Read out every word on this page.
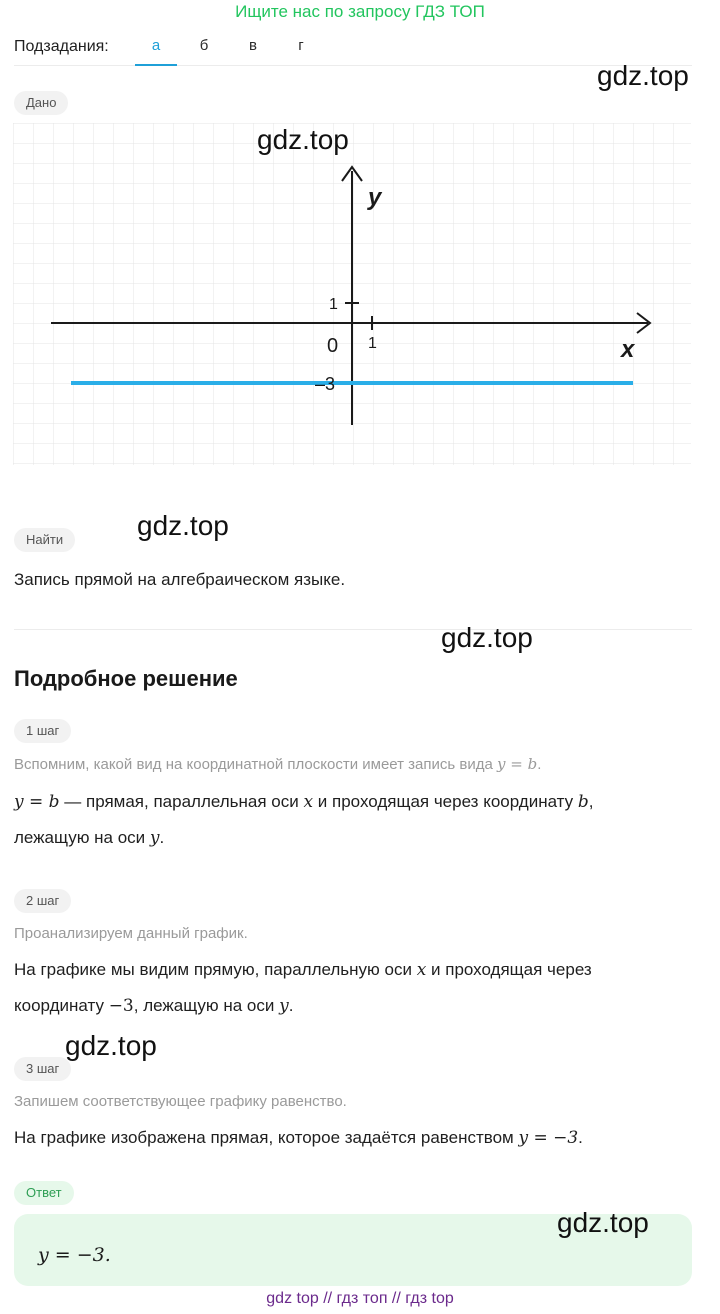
Ищите нас по запросу ГДЗ ТОП
Подзадания:	а	б	в	г
gdz.top
Дано
y
x
0 1
1
–3
gdz.top
Найти	gdz.top
Запись прямой на алгебраическом языке.
gdz.top
Подробное решение
1 шаг
Вспомним, какой вид на координатной плоскости имеет запись вида y = b.
y = b — прямая, параллельная оси x и проходящая через координату b,
лежащую на оси y.
2 шаг
Проанализируем данный график.
На графике мы видим прямую, параллельную оси x и проходящая через
координату −3, лежащую на оси y.
gdz.top
3 шаг
Запишем соответствующее графику равенство.
На графике изображена прямая, которое задаётся равенством y = −3.
Ответ
y = −3.
gdz.top
gdz top // гдз топ // гдз top
